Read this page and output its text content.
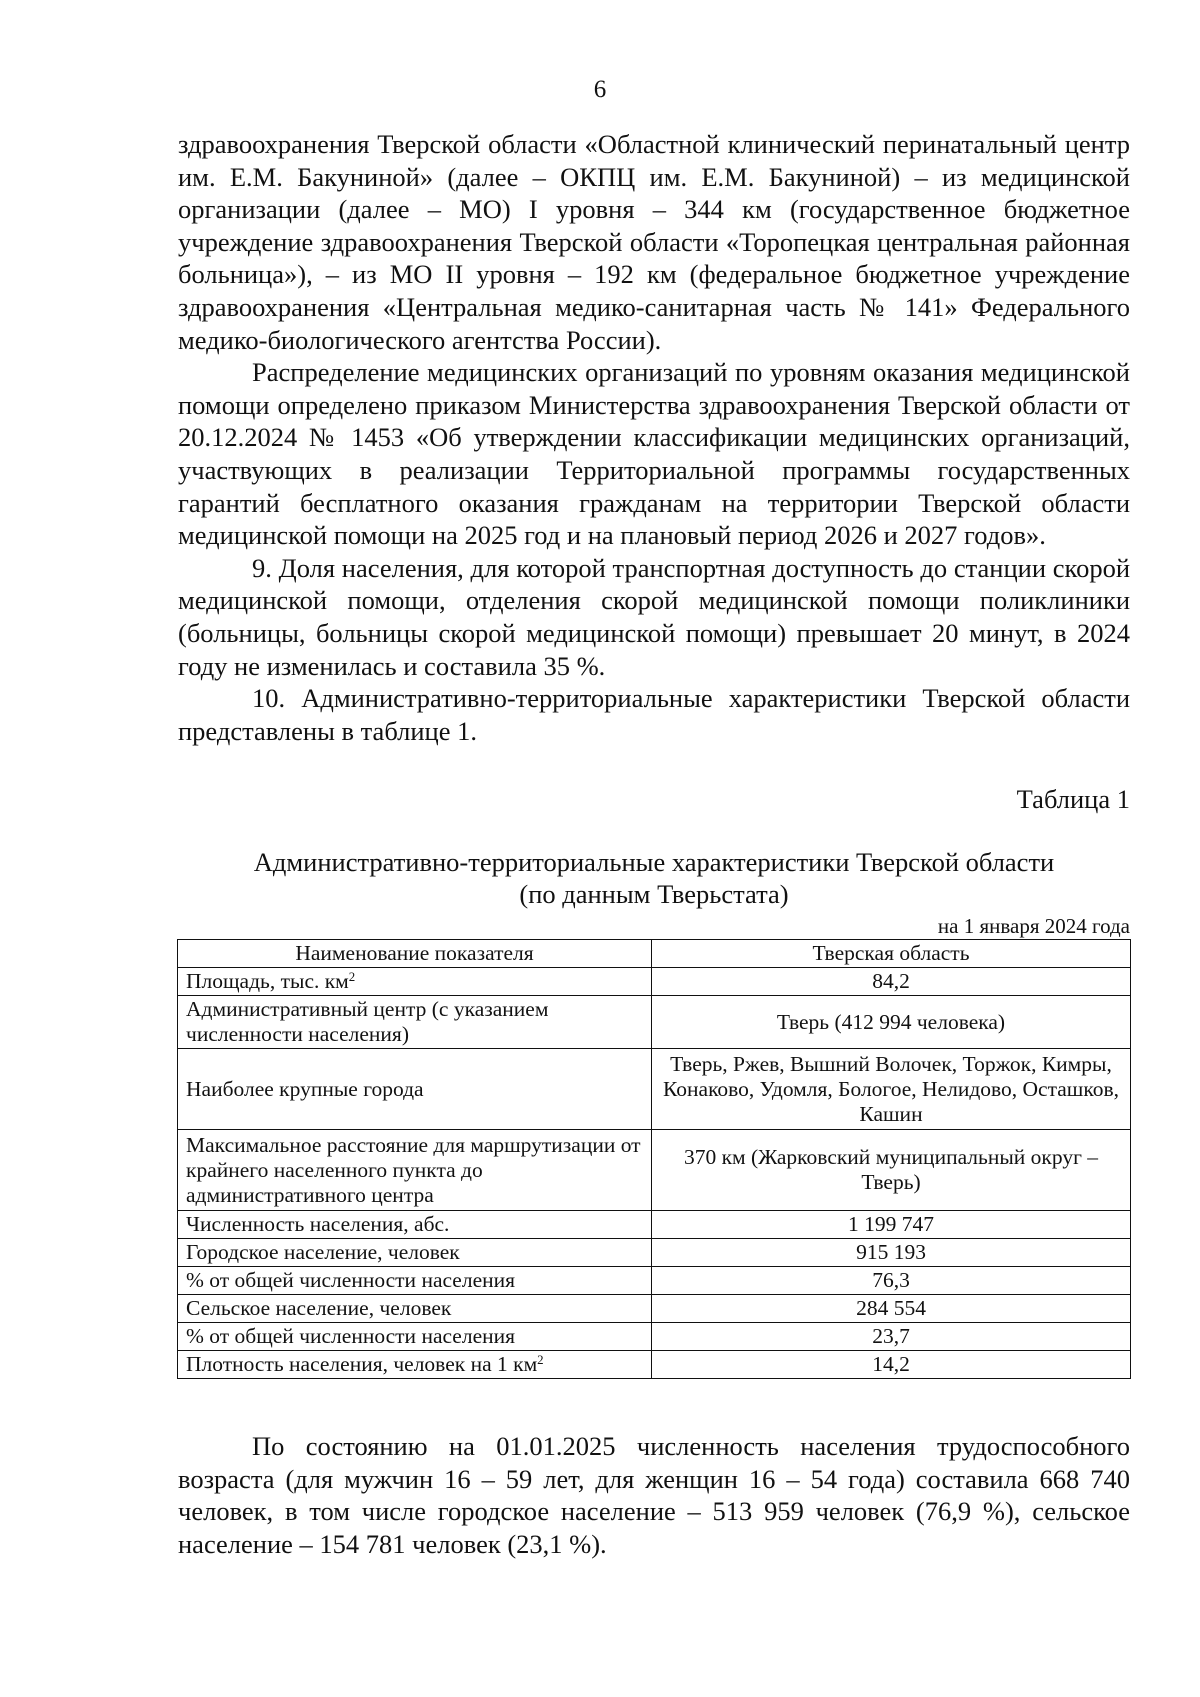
6

здравоохранения Тверской области «Областной клинический перинатальный центр им. Е.М. Бакуниной» (далее – ОКПЦ им. Е.М. Бакуниной) – из медицинской организации (далее – МО) I уровня – 344 км (государственное бюджетное учреждение здравоохранения Тверской области «Торопецкая центральная районная больница»), – из МО II уровня – 192 км (федеральное бюджетное учреждение здравоохранения «Центральная медико-санитарная часть № 141» Федерального медико-биологического агентства России).

Распределение медицинских организаций по уровням оказания медицинской помощи определено приказом Министерства здравоохранения Тверской области от 20.12.2024 № 1453 «Об утверждении классификации медицинских организаций, участвующих в реализации Территориальной программы государственных гарантий бесплатного оказания гражданам на территории Тверской области медицинской помощи на 2025 год и на плановый период 2026 и 2027 годов».

9. Доля населения, для которой транспортная доступность до станции скорой медицинской помощи, отделения скорой медицинской помощи поликлиники (больницы, больницы скорой медицинской помощи) превышает 20 минут, в 2024 году не изменилась и составила 35 %.

10. Административно-территориальные характеристики Тверской области представлены в таблице 1.

Таблица 1
Административно-территориальные характеристики Тверской области
(по данным Тверьстата)
на 1 января 2024 года
Наименование показателя	Тверская область
Площадь, тыс. $км^2$	84,2
Административный центр (с указанием численности населения)	Тверь (412 994 человека)
Наиболее крупные города	Тверь, Ржев, Вышний Волочек, Торжок, Кимры, Конаково, Удомля, Бологое, Нелидово, Осташков, Кашин
Максимальное расстояние для маршрутизации от крайнего населенного пункта до административного центра	370 км (Жарковский муниципальный округ – Тверь)
Численность населения, абс.	1 199 747
Городское население, человек	915 193
% от общей численности населения	76,3
Сельское население, человек	284 554
% от общей численности населения	23,7
Плотность населения, человек на 1 $км^2$	14,2

По состоянию на 01.01.2025 численность населения трудоспособного возраста (для мужчин 16 – 59 лет, для женщин 16 – 54 года) составила 668 740 человек, в том числе городское население – 513 959 человек (76,9 %), сельское население – 154 781 человек (23,1 %).
